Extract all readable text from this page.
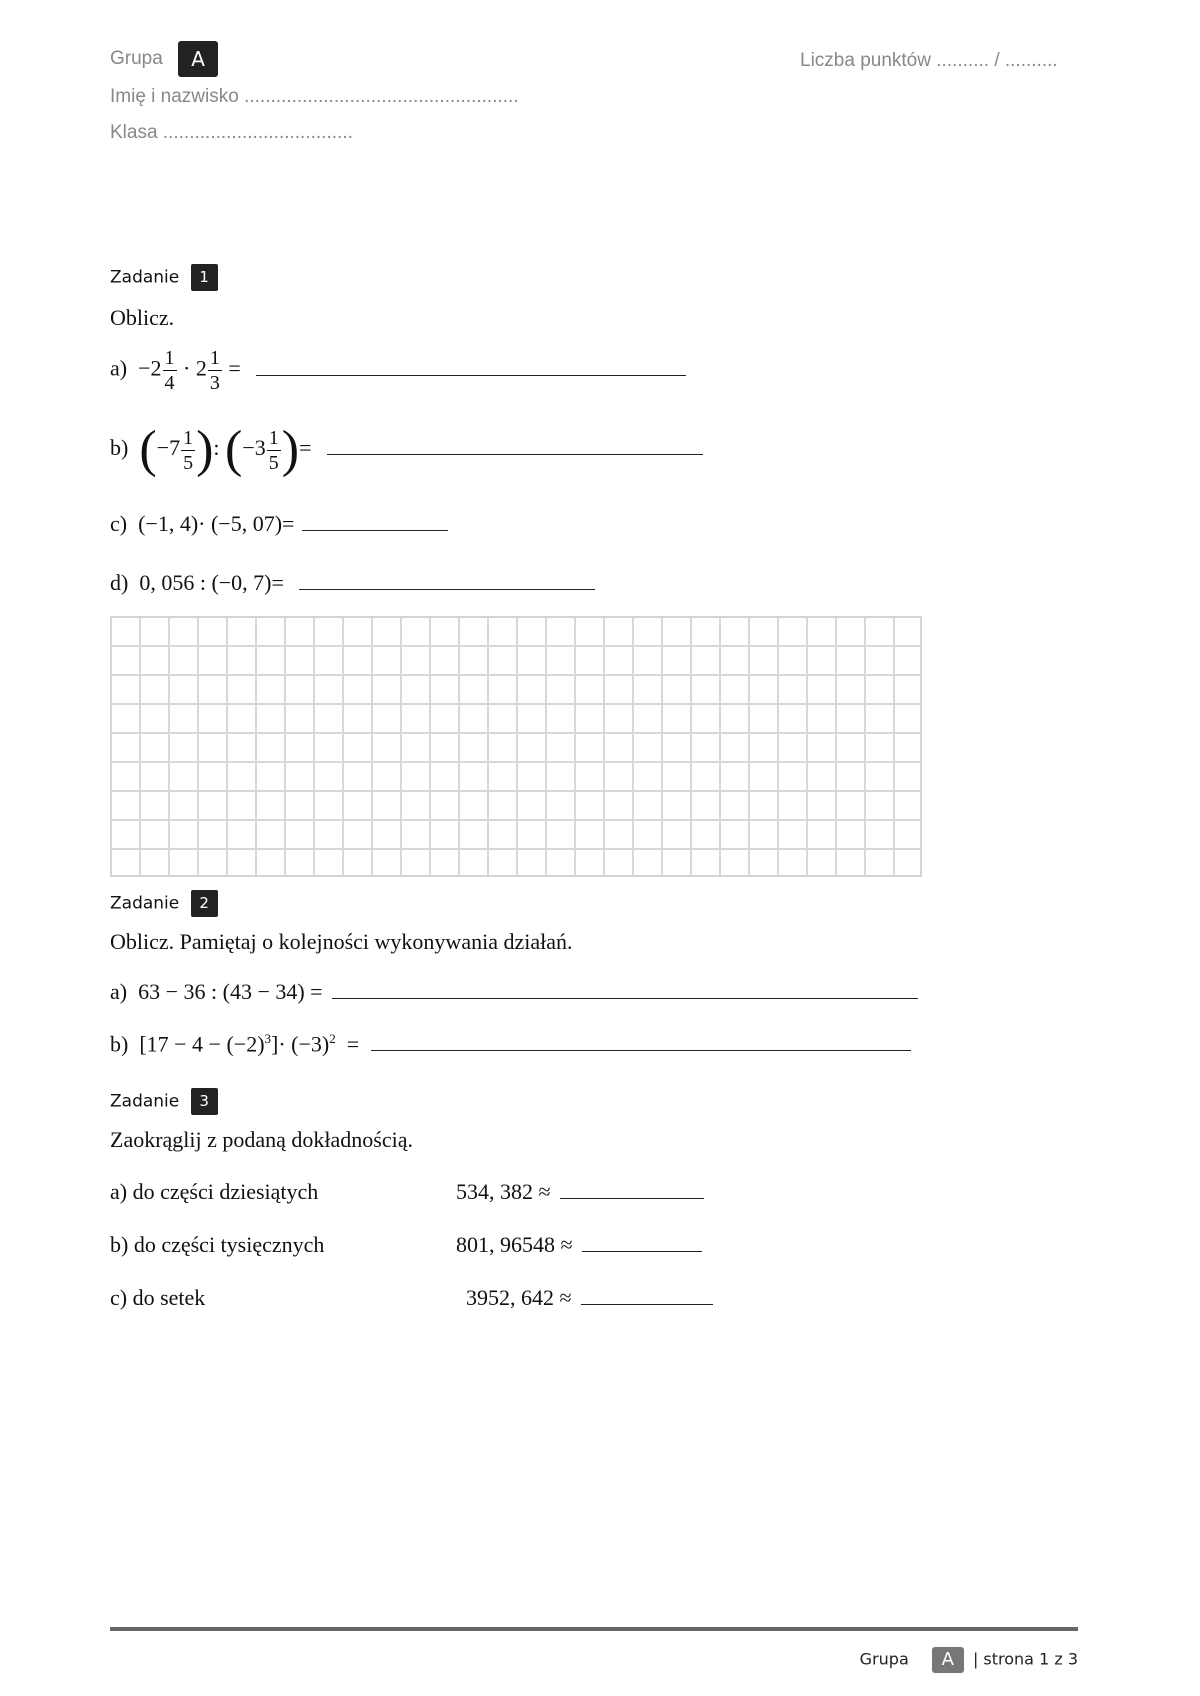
Grupa A	Liczba punktów .......... / ..........
Imię i nazwisko ....................................................
Klasa ....................................
Zadanie 1
Oblicz.
$a) -2 \frac{1}{4} \cdot 2 \frac{1}{3}$ =
b) ($-7 \frac{1}{5}$ ): ($-3 \frac{1}{5}$ )=
c) (−1, 4)· (−5, 07)=
d) 0, 056 : (−0, 7)=
Zadanie 2
Oblicz. Pamiętaj o kolejności wykonywania działań.
a) 63 − 36 : (43 − 34) =
b) $[17 - 4 - (-2)^3]\cdot (-3)^2$ =
Zadanie 3
Zaokrąglij z podaną dokładnością.
a) do części dziesiątych	534, 382 ≈
b) do części tysięcznych	801, 96548 ≈
c) do setek	3952, 642 ≈
Grupa A | strona 1 z 3
